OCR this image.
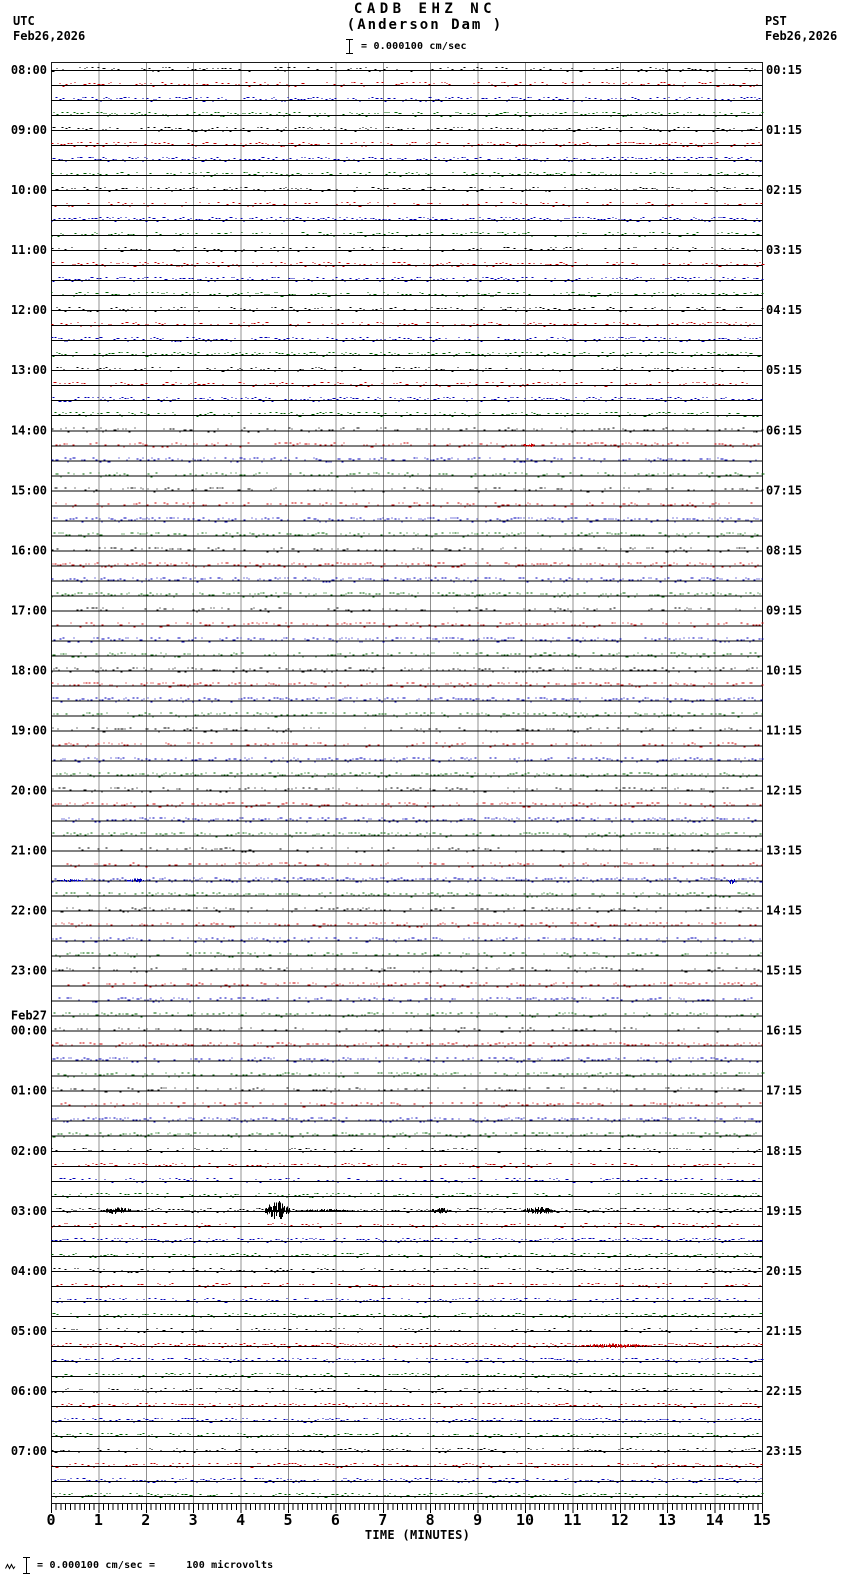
CADB EHZ NC
(Anderson Dam )
= 0.000100 cm/sec
UTC
Feb26,2026
PST
Feb26,2026
0	1	2	3	4	5	6	7	8	9 10 11 12 13 14 15
08:00
09:00
10:00
11:00
12:00
13:00
14:00
15:00
16:00
17:00
18:00
19:00
20:00
21:00
22:00
23:00
Feb27
00:00
01:00
02:00
03:00
04:00
05:00
06:00
07:00
00:15
01:15
02:15
03:15
04:15
05:15
06:15
07:15
08:15
09:15
10:15
11:15
12:15
13:15
14:15
15:15
16:15
17:15
18:15
19:15
20:15
21:15
22:15
23:15
TIME (MINUTES)
= 0.000100 cm/sec =     100 microvolts
